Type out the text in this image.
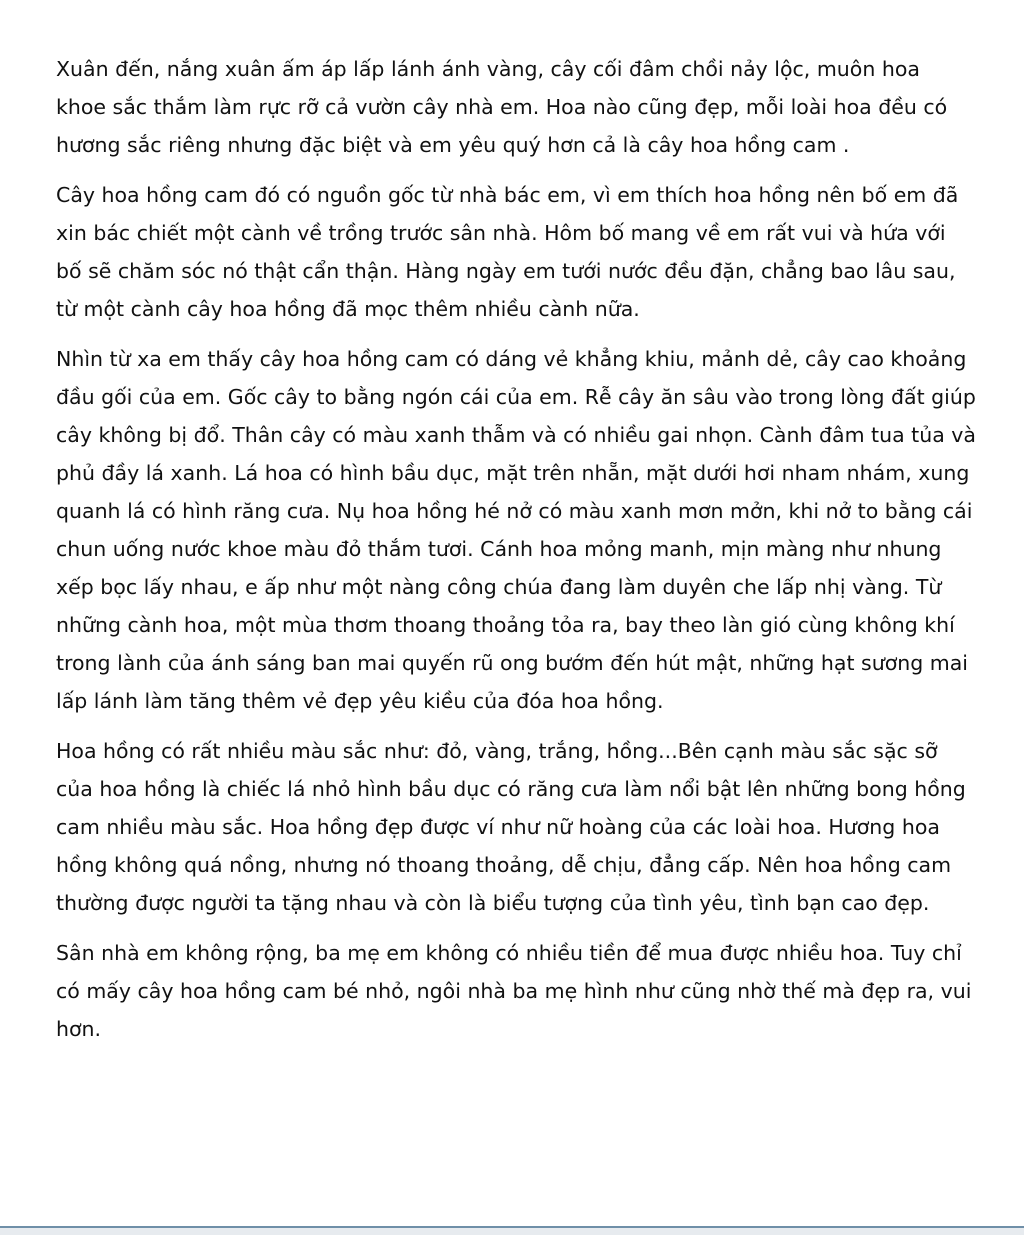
Xuân đến, nắng xuân ấm áp lấp lánh ánh vàng, cây cối đâm chồi nảy lộc, muôn hoa khoe sắc thắm làm rực rỡ cả vườn cây nhà em. Hoa nào cũng đẹp, mỗi loài hoa đều có hương sắc riêng nhưng đặc biệt và em yêu quý hơn cả là cây hoa hồng cam .

Cây hoa hồng cam đó có nguồn gốc từ nhà bác em, vì em thích hoa hồng nên bố em đã xin bác chiết một cành về trồng trước sân nhà. Hôm bố mang về em rất vui và hứa với bố sẽ chăm sóc nó thật cẩn thận. Hàng ngày em tưới nước đều đặn, chẳng bao lâu sau, từ một cành cây hoa hồng đã mọc thêm nhiều cành nữa.

Nhìn từ xa em thấy cây hoa hồng cam có dáng vẻ khẳng khiu, mảnh dẻ, cây cao khoảng đầu gối của em. Gốc cây to bằng ngón cái của em. Rễ cây ăn sâu vào trong lòng đất giúp cây không bị đổ. Thân cây có màu xanh thẫm và có nhiều gai nhọn. Cành đâm tua tủa và phủ đầy lá xanh. Lá hoa có hình bầu dục, mặt trên nhẵn, mặt dưới hơi nham nhám, xung quanh lá có hình răng cưa. Nụ hoa hồng hé nở có màu xanh mơn mởn, khi nở to bằng cái chun uống nước khoe màu đỏ thắm tươi. Cánh hoa mỏng manh, mịn màng như nhung xếp bọc lấy nhau, e ấp như một nàng công chúa đang làm duyên che lấp nhị vàng. Từ những cành hoa, một mùa thơm thoang thoảng tỏa ra, bay theo làn gió cùng không khí trong lành của ánh sáng ban mai quyến rũ ong bướm đến hút mật, những hạt sương mai lấp lánh làm tăng thêm vẻ đẹp yêu kiều của đóa hoa hồng.

Hoa hồng có rất nhiều màu sắc như: đỏ, vàng, trắng, hồng...Bên cạnh màu sắc sặc sỡ của hoa hồng là chiếc lá nhỏ hình bầu dục có răng cưa làm nổi bật lên những bong hồng cam nhiều màu sắc. Hoa hồng đẹp được ví như nữ hoàng của các loài hoa. Hương hoa hồng không quá nồng, nhưng nó thoang thoảng, dễ chịu, đẳng cấp. Nên hoa hồng cam thường được người ta tặng nhau và còn là biểu tượng của tình yêu, tình bạn cao đẹp.

Sân nhà em không rộng, ba mẹ em không có nhiều tiền để mua được nhiều hoa. Tuy chỉ có mấy cây hoa hồng cam bé nhỏ, ngôi nhà ba mẹ hình như cũng nhờ thế mà đẹp ra, vui hơn.
